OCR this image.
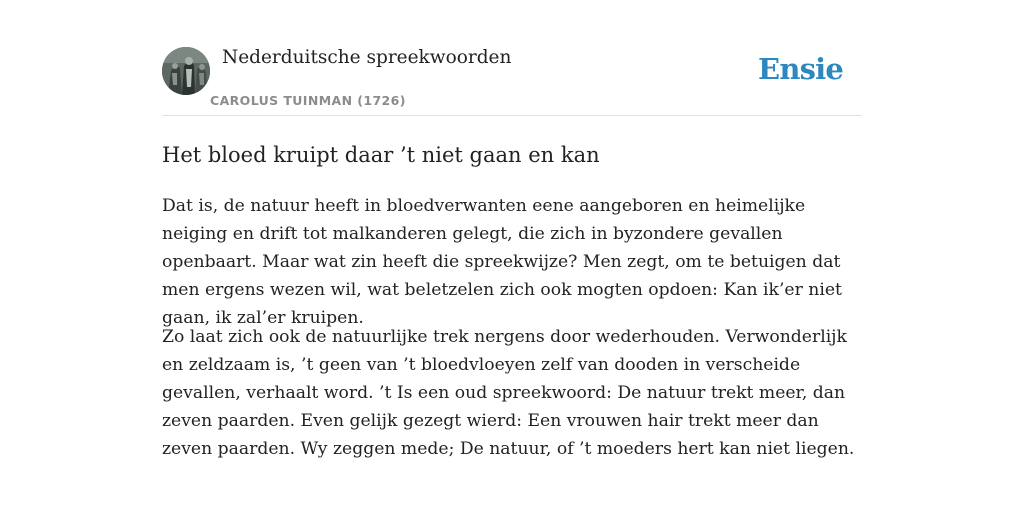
Nederduitsche spreekwoorden
CAROLUS TUINMAN (1726)
Ensie
Het bloed kruipt daar ’t niet gaan en kan

Dat is, de natuur heeft in bloedverwanten eene aangeboren en heimelijke neiging en drift tot malkanderen gelegt, die zich in byzondere gevallen openbaart. Maar wat zin heeft die spreekwijze? Men zegt, om te betuigen dat men ergens wezen wil, wat beletzelen zich ook mogten opdoen: Kan ik’er niet gaan, ik zal’er kruipen.

Zo laat zich ook de natuurlijke trek nergens door wederhouden. Verwonderlijk en zeldzaam is, ’t geen van ’t bloedvloeyen zelf van dooden in verscheide gevallen, verhaalt word. ’t Is een oud spreekwoord: De natuur trekt meer, dan zeven paarden. Even gelijk gezegt wierd: Een vrouwen hair trekt meer dan zeven paarden. Wy zeggen mede; De natuur, of ’t moeders hert kan niet liegen.
